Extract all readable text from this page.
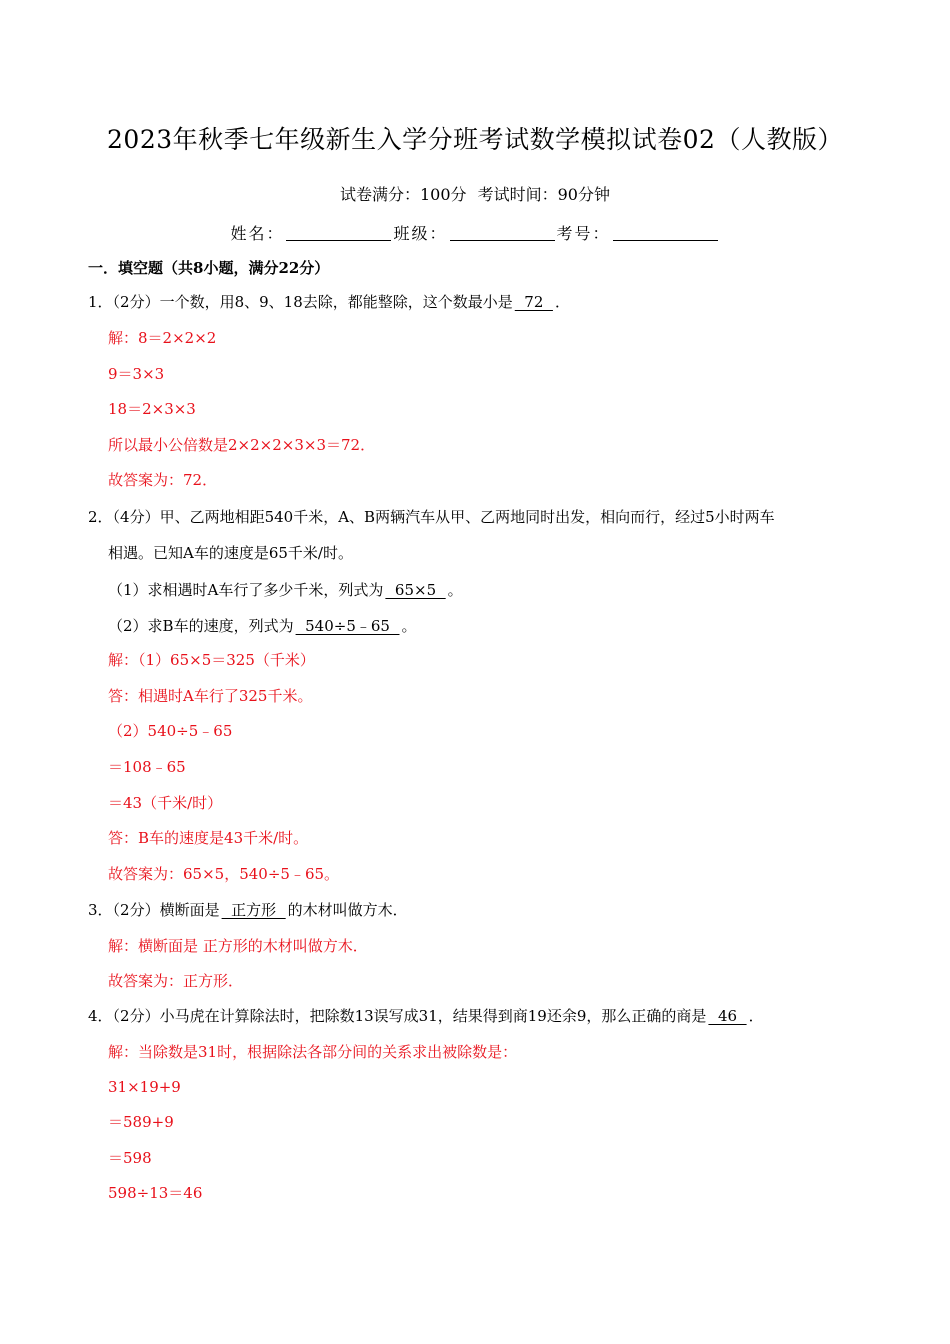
2023年秋季七年级新生入学分班考试数学模拟试卷02（人教版）
试卷满分：100分 考试时间：90分钟
姓名：	班级：	考号：
一．填空题（共8小题，满分22分）
1．（2分）一个数，用8、9、18去除，都能整除，这个数最小是  72  ．
解：8＝2×2×2
9＝3×3
18＝2×3×3
所以最小公倍数是2×2×2×3×3＝72．
故答案为：72．
2．（4分）甲、乙两地相距540千米，A、B两辆汽车从甲、乙两地同时出发，相向而行，经过5小时两车
相遇。已知A车的速度是65千米/时。
（1）求相遇时A车行了多少千米，列式为  65×5  。
（2）求B车的速度，列式为  540÷5﹣65  。
解：（1）65×5＝325（千米）
答：相遇时A车行了325千米。
（2）540÷5﹣65
＝108﹣65
＝43（千米/时）
答：B车的速度是43千米/时。
故答案为：65×5，540÷5﹣65。
3．（2分）横断面是  正方形  的木材叫做方木．
解：横断面是 正方形的木材叫做方木．
故答案为：正方形．
4．（2分）小马虎在计算除法时，把除数13误写成31，结果得到商19还余9，那么正确的商是  46  ．
解：当除数是31时，根据除法各部分间的关系求出被除数是：
31×19+9
＝589+9
＝598
598÷13＝46
